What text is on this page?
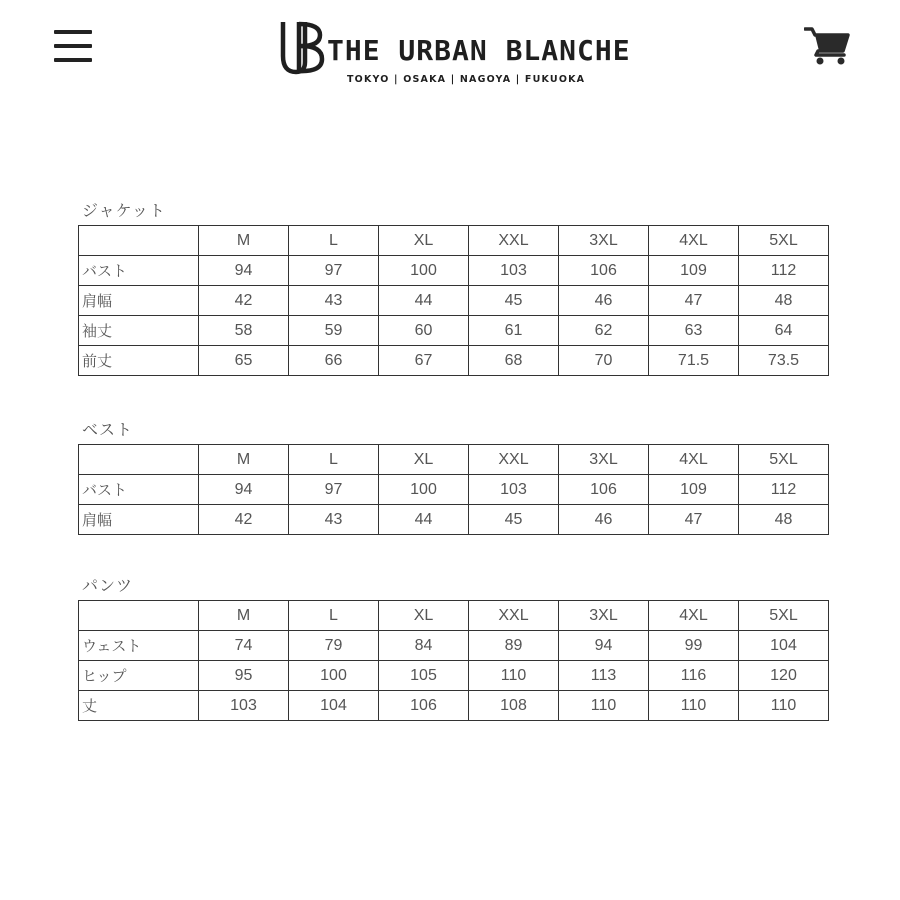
THE URBAN BLANCHE
TOKYO | OSAKA | NAGOYA | FUKUOKA
ジャケット
	M	L	XL	XXL	3XL	4XL	5XL
バスト	94	97	100	103	106	109	112
肩幅	42	43	44	45	46	47	48
袖丈	58	59	60	61	62	63	64
前丈	65	66	67	68	70	71.5	73.5
ベスト
	M	L	XL	XXL	3XL	4XL	5XL
バスト	94	97	100	103	106	109	112
肩幅	42	43	44	45	46	47	48
パンツ
	M	L	XL	XXL	3XL	4XL	5XL
ウェスト	74	79	84	89	94	99	104
ヒップ	95	100	105	110	113	116	120
丈	103	104	106	108	110	110	110
